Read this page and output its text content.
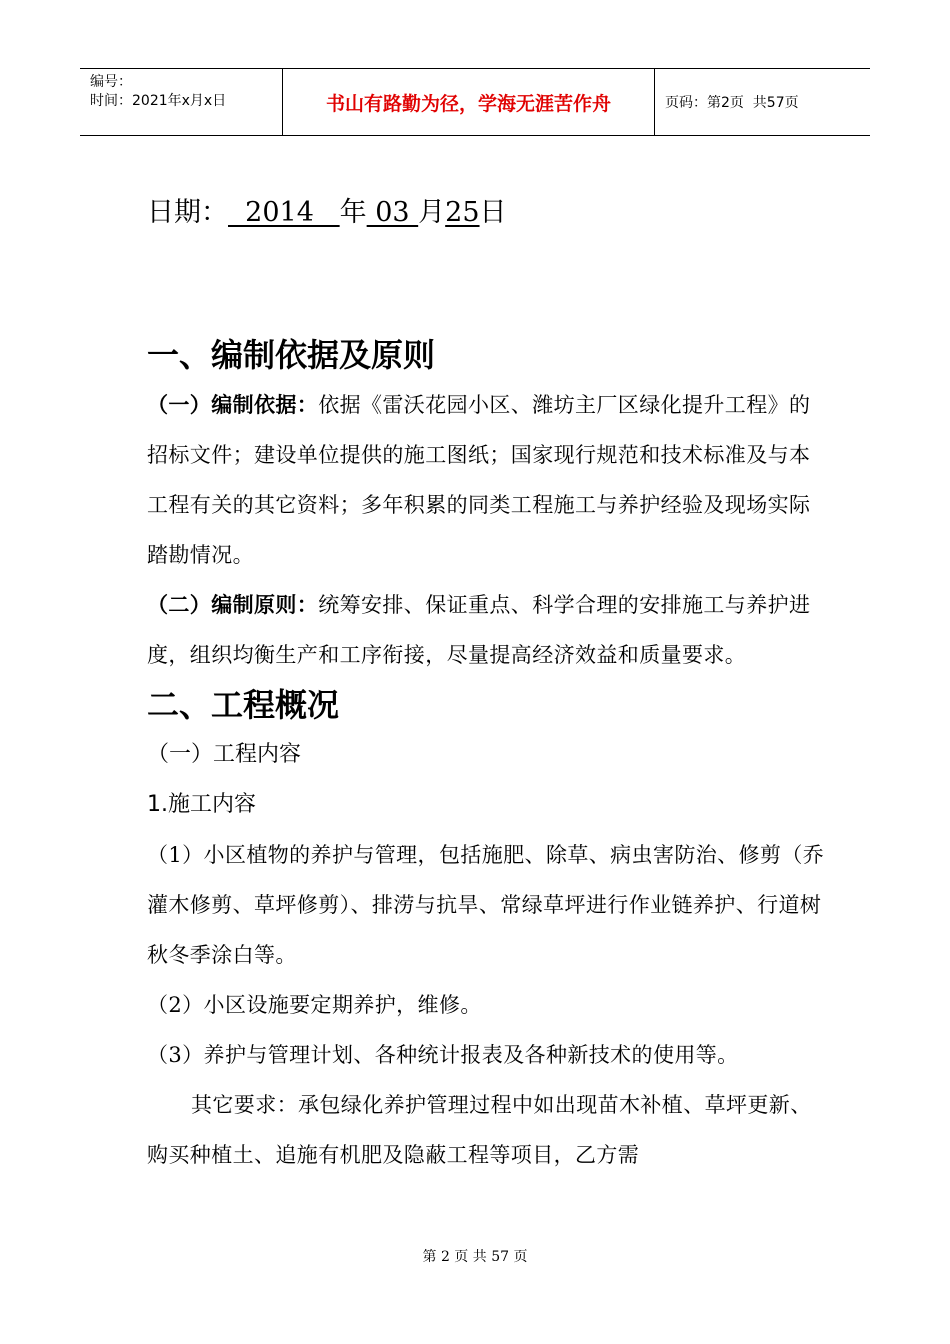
编号：
时间：2021年x月x日	书山有路勤为径，学海无涯苦作舟	页码：第2页  共57页
日期：  2014   年 03 月25日
一、编制依据及原则

（一）编制依据：依据《雷沃花园小区、潍坊主厂区绿化提升工程》的招标文件；建设单位提供的施工图纸；国家现行规范和技术标准及与本工程有关的其它资料；多年积累的同类工程施工与养护经验及现场实际踏勘情况。

（二）编制原则：统筹安排、保证重点、科学合理的安排施工与养护进度，组织均衡生产和工序衔接，尽量提高经济效益和质量要求。

二、工程概况

（一）工程内容

1.施工内容

（1）小区植物的养护与管理，包括施肥、除草、病虫害防治、修剪（乔灌木修剪、草坪修剪）、排涝与抗旱、常绿草坪进行作业链养护、行道树秋冬季涂白等。

（2）小区设施要定期养护，维修。

（3）养护与管理计划、各种统计报表及各种新技术的使用等。

其它要求：承包绿化养护管理过程中如出现苗木补植、草坪更新、购买种植土、追施有机肥及隐蔽工程等项目，乙方需

第 2 页 共 57 页
